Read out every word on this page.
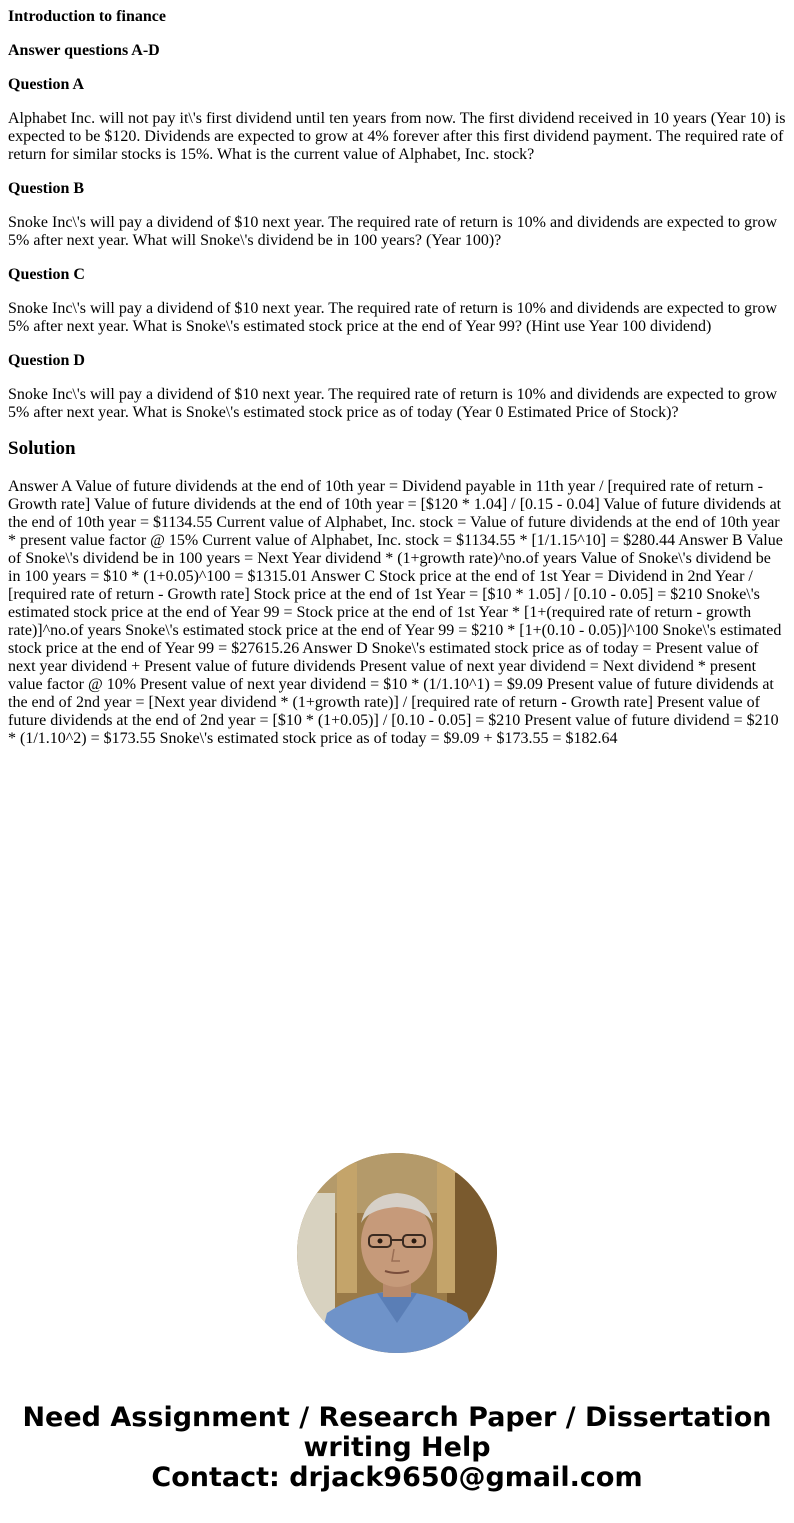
Introduction to finance
Answer questions A-D
Question A

Alphabet Inc. will not pay it\'s first dividend until ten years from now. The first dividend received in 10 years (Year 10) is expected to be $120. Dividends are expected to grow at 4% forever after this first dividend payment. The required rate of return for similar stocks is 15%. What is the current value of Alphabet, Inc. stock?

Question B

Snoke Inc\'s will pay a dividend of $10 next year. The required rate of return is 10% and dividends are expected to grow 5% after next year. What will Snoke\'s dividend be in 100 years? (Year 100)?

Question C

Snoke Inc\'s will pay a dividend of $10 next year. The required rate of return is 10% and dividends are expected to grow 5% after next year. What is Snoke\'s estimated stock price at the end of Year 99? (Hint use Year 100 dividend)

Question D

Snoke Inc\'s will pay a dividend of $10 next year. The required rate of return is 10% and dividends are expected to grow 5% after next year. What is Snoke\'s estimated stock price as of today (Year 0 Estimated Price of Stock)?

Solution

Answer A Value of future dividends at the end of 10th year = Dividend payable in 11th year / [required rate of return - Growth rate] Value of future dividends at the end of 10th year = [$120 * 1.04] / [0.15 - 0.04] Value of future dividends at the end of 10th year = $1134.55 Current value of Alphabet, Inc. stock = Value of future dividends at the end of 10th year * present value factor @ 15% Current value of Alphabet, Inc. stock = $1134.55 * [1/1.15^10] = $280.44 Answer B Value of Snoke\'s dividend be in 100 years = Next Year dividend * (1+growth rate)^no.of years Value of Snoke\'s dividend be in 100 years = $10 * (1+0.05)^100 = $1315.01 Answer C Stock price at the end of 1st Year = Dividend in 2nd Year / [required rate of return - Growth rate] Stock price at the end of 1st Year = [$10 * 1.05] / [0.10 - 0.05] = $210 Snoke\'s estimated stock price at the end of Year 99 = Stock price at the end of 1st Year * [1+(required rate of return - growth rate)]^no.of years Snoke\'s estimated stock price at the end of Year 99 = $210 * [1+(0.10 - 0.05)]^100 Snoke\'s estimated stock price at the end of Year 99 = $27615.26 Answer D Snoke\'s estimated stock price as of today = Present value of next year dividend + Present value of future dividends Present value of next year dividend = Next dividend * present value factor @ 10% Present value of next year dividend = $10 * (1/1.10^1) = $9.09 Present value of future dividends at the end of 2nd year = [Next year dividend * (1+growth rate)] / [required rate of return - Growth rate] Present value of future dividends at the end of 2nd year = [$10 * (1+0.05)] / [0.10 - 0.05] = $210 Present value of future dividend = $210 * (1/1.10^2) = $173.55 Snoke\'s estimated stock price as of today = $9.09 + $173.55 = $182.64

Need Assignment / Research Paper / Dissertation
writing Help
Contact: drjack9650@gmail.com
